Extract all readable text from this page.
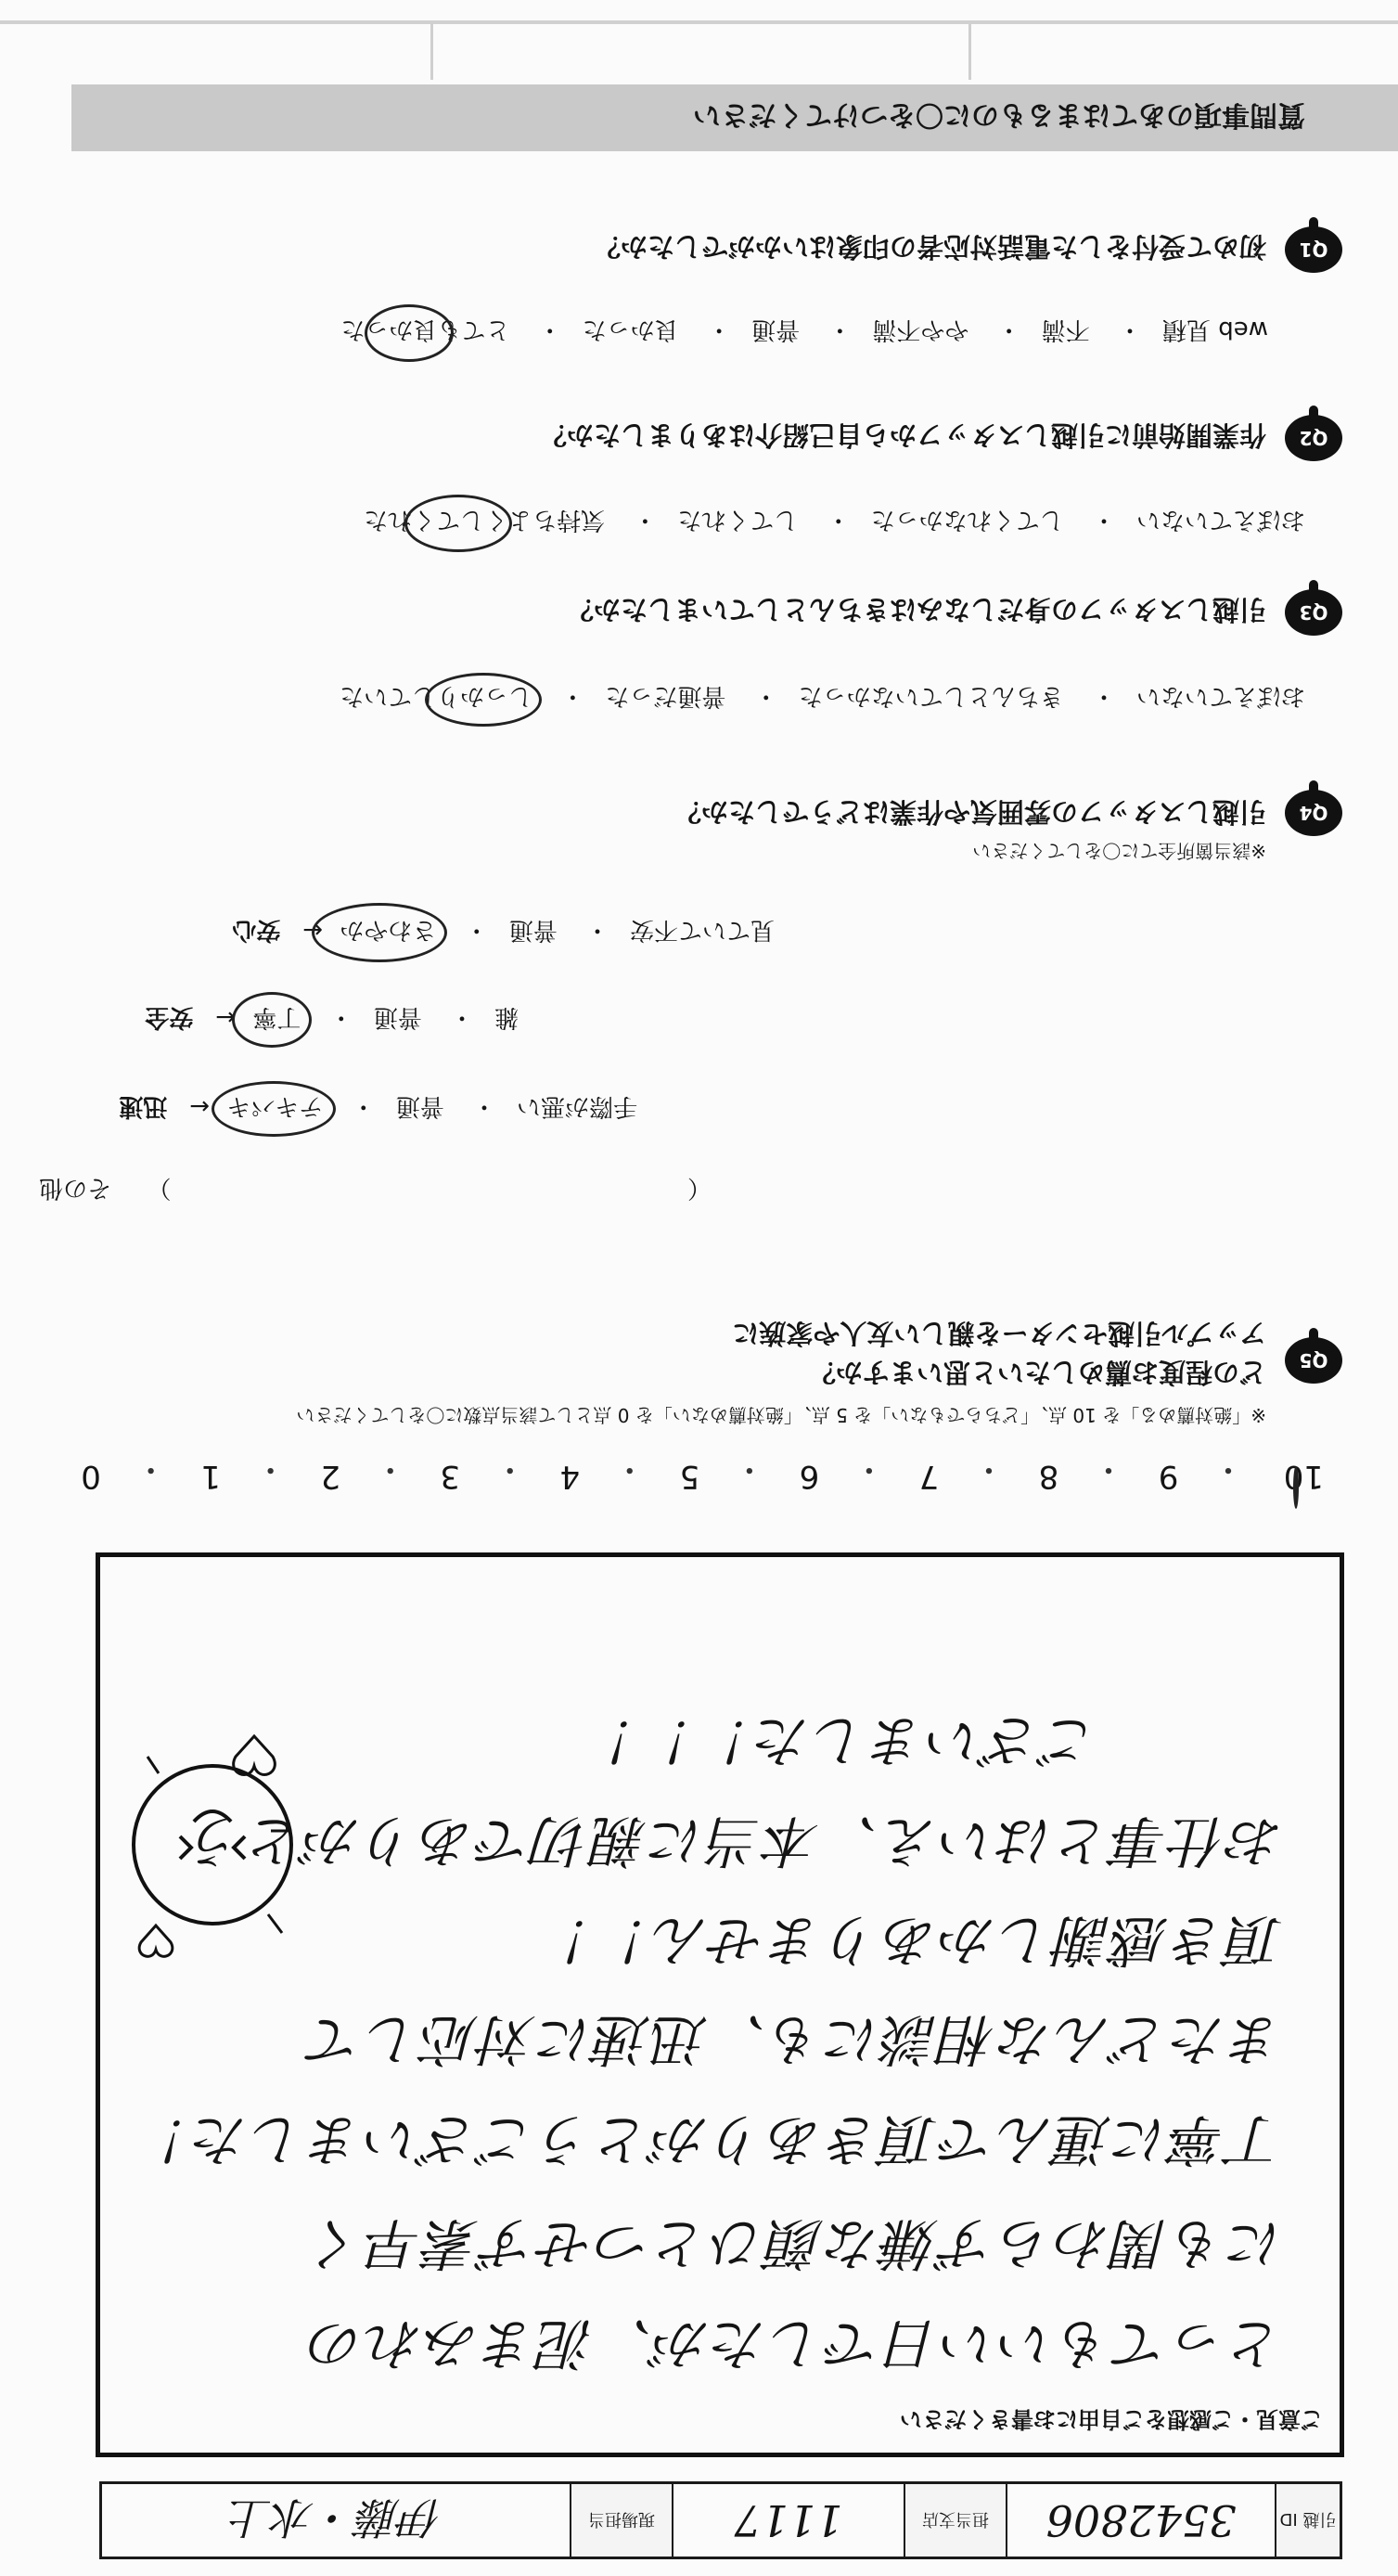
引越 ID
3542806
担当支店
1117
現場担当
伊藤・水上
ご意見・ご感想をご自由にお書きください
とってもいい日でしたが、泥まみれの
にも関わらず嫌な顔ひとつせず素早く
丁寧に運んで頂きありがとうございました！
またどんな相談にも、迅速に対応して
頂き感謝しかありません！！
お仕事とはいえ、本当に親切でありがとう
ございました！！！
10
・
9
・
8
・
7
・
6
・
5
・
4
・
3
・
2
・
1
・
0
※「絶対薦める」を 10 点、「どちらでもない」を 5 点、「絶対薦めない」を 0 点として該当点数に〇をしてください
Q5
どの程度お薦めしたいと思いますか？
アップル引越センターを親しい友人や家族に
（  ） その他
手際が悪い・ 普通・ テキパキ
←迅速
雑・ 普通・ 丁寧
←安全
見ていて不安・ 普通・ さわやか
←安心
※該当箇所全てに〇をしてください
Q4
引越しスタッフの雰囲気や作業はどうでしたか？
おぼえていない・ きちんとしていなかった・ 普通だった・ しっかりしていた
Q3
引越しスタッフの身だしなみはきちんとしていましたか？
おぼえていない・ してくれなかった・ してくれた・ 気持ちよくしてくれた
Q2
作業開始前に引越しスタッフから自己紹介はありましたか？
web 見積・ 不満・ やや不満・ 普通・ 良かった・ とても良かった
Q1
初めて受付をした電話対応者の印象はいかがでしたか？
質問事項のあてはまるものに〇をつけてください
